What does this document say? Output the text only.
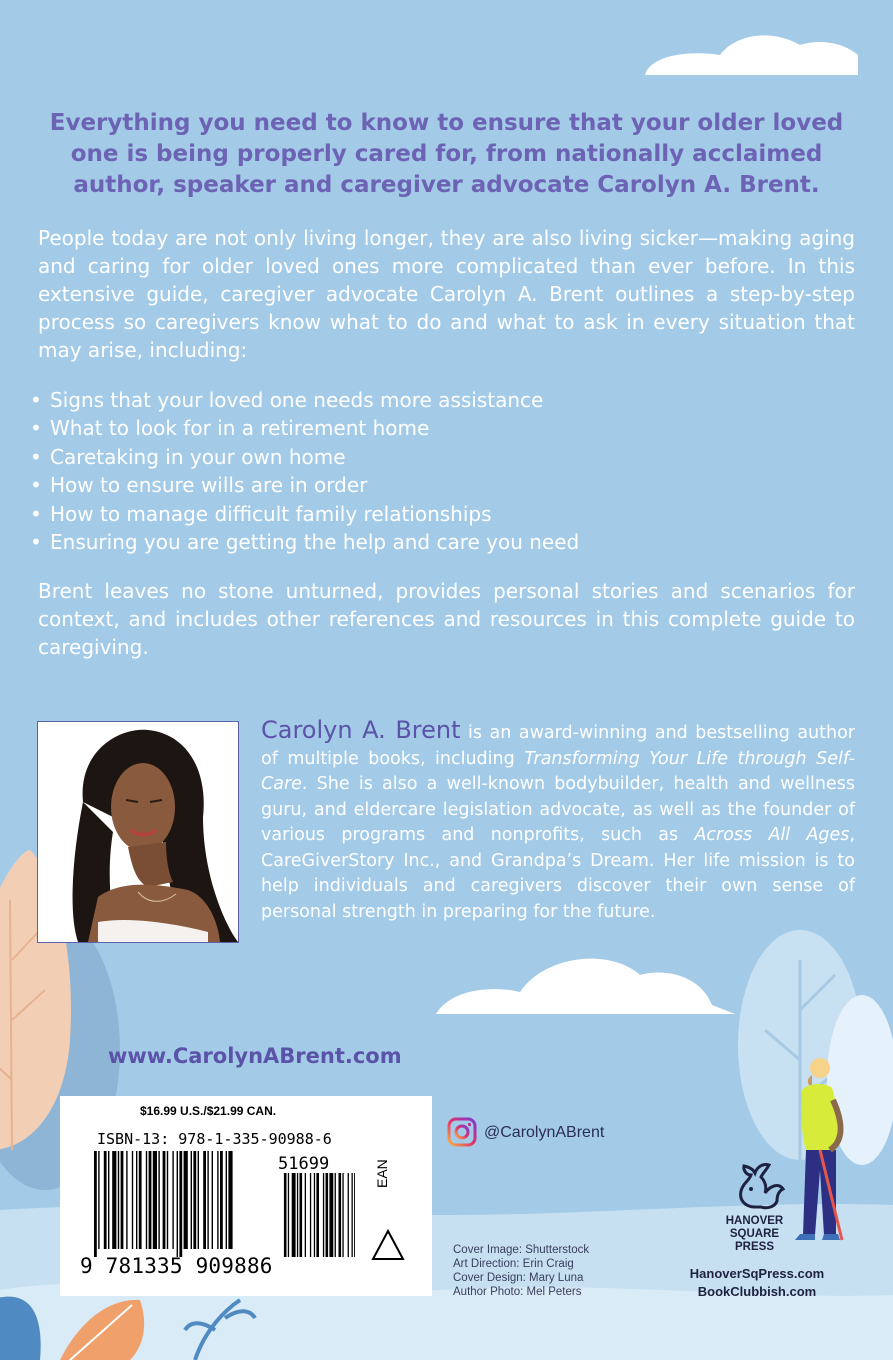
Everything you need to know to ensure that your older loved one is being properly cared for, from nationally acclaimed author, speaker and caregiver advocate Carolyn A. Brent.
People today are not only living longer, they are also living sicker—making aging and caring for older loved ones more complicated than ever before. In this extensive guide, caregiver advocate Carolyn A. Brent outlines a step-by-step process so caregivers know what to do and what to ask in every situation that may arise, including:
• Signs that your loved one needs more assistance
• What to look for in a retirement home
• Caretaking in your own home
• How to ensure wills are in order
• How to manage difficult family relationships
• Ensuring you are getting the help and care you need
Brent leaves no stone unturned, provides personal stories and scenarios for context, and includes other references and resources in this complete guide to caregiving.
Carolyn A. Brent is an award-winning and bestselling author of multiple books, including Transforming Your Life through Self-Care. She is also a well-known bodybuilder, health and wellness guru, and eldercare legislation advocate, as well as the founder of various programs and nonprofits, such as Across All Ages, CareGiverStory Inc., and Grandpa’s Dream. Her life mission is to help individuals and caregivers discover their own sense of personal strength in preparing for the future.
www.CarolynABrent.com
$16.99 U.S./$21.99 CAN.
ISBN-13: 978-1-335-90988-6
51699
9 781335 909886
EAN
@CarolynABrent
Cover Image: Shutterstock
Art Direction: Erin Craig
Cover Design: Mary Luna
Author Photo: Mel Peters
HANOVER
SQUARE
PRESS
HanoverSqPress.com
BookClubbish.com
